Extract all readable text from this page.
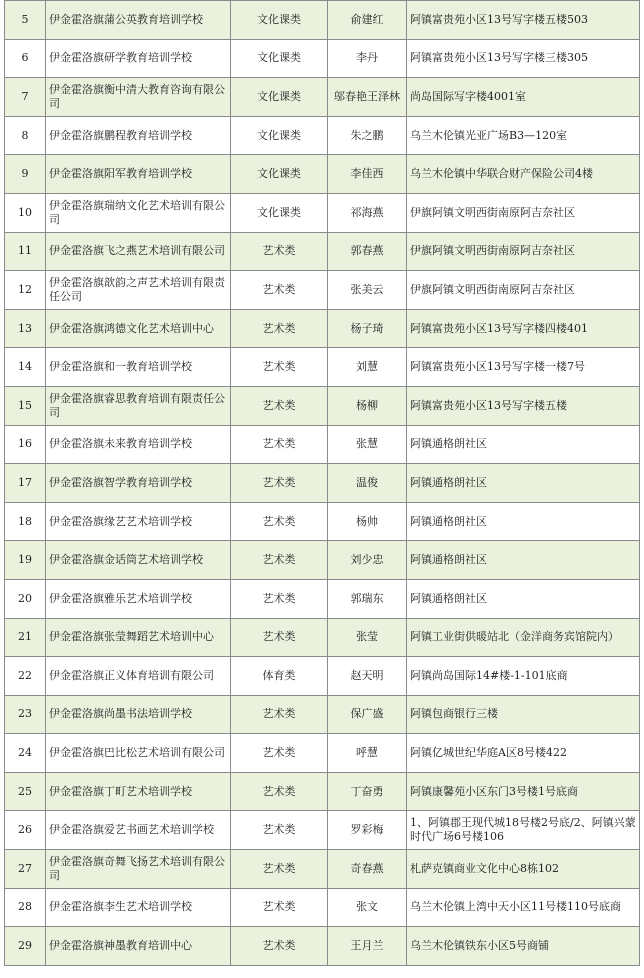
5	伊金霍洛旗蒲公英教育培训学校	文化课类	俞建红	阿镇富贵苑小区13号写字楼五楼503
6	伊金霍洛旗研学教育培训学校	文化课类	李丹	阿镇富贵苑小区13号写字楼三楼305
7	伊金霍洛旗衡中清大教育咨询有限公司	文化课类	邬春艳王泽林	尚岛国际写字楼4001室
8	伊金霍洛旗鹏程教育培训学校	文化课类	朱之鹏	乌兰木伦镇光亚广场B3—120室
9	伊金霍洛旗阳军教育培训学校	文化课类	李佳西	乌兰木伦镇中华联合财产保险公司4楼
10	伊金霍洛旗瑞纳文化艺术培训有限公司	文化课类	祁海燕	伊旗阿镇文明西街南原阿吉奈社区
11	伊金霍洛旗飞之燕艺术培训有限公司	艺术类	郭春燕	伊旗阿镇文明西街南原阿吉奈社区
12	伊金霍洛旗歆韵之声艺术培训有限责任公司	艺术类	张美云	伊旗阿镇文明西街南原阿吉奈社区
13	伊金霍洛旗鸿德文化艺术培训中心	艺术类	杨子琦	阿镇富贵苑小区13号写字楼四楼401
14	伊金霍洛旗和一教育培训学校	艺术类	刘慧	阿镇富贵苑小区13号写字楼一楼7号
15	伊金霍洛旗睿思教育培训有限责任公司	艺术类	杨柳	阿镇富贵苑小区13号写字楼五楼
16	伊金霍洛旗未来教育培训学校	艺术类	张慧	阿镇通格朗社区
17	伊金霍洛旗智学教育培训学校	艺术类	温俊	阿镇通格朗社区
18	伊金霍洛旗缘艺艺术培训学校	艺术类	杨帅	阿镇通格朗社区
19	伊金霍洛旗金话筒艺术培训学校	艺术类	刘少忠	阿镇通格朗社区
20	伊金霍洛旗雅乐艺术培训学校	艺术类	郭瑞东	阿镇通格朗社区
21	伊金霍洛旗张莹舞蹈艺术培训中心	艺术类	张莹	阿镇工业街供暖站北（金洋商务宾馆院内）
22	伊金霍洛旗正义体育培训有限公司	体育类	赵天明	阿镇尚岛国际14#楼-1-101底商
23	伊金霍洛旗尚墨书法培训学校	艺术类	保广盛	阿镇包商银行三楼
24	伊金霍洛旗巴比松艺术培训有限公司	艺术类	呼慧	阿镇亿城世纪华庭A区8号楼422
25	伊金霍洛旗丁町艺术培训学校	艺术类	丁奋勇	阿镇康馨苑小区东门3号楼1号底商
26	伊金霍洛旗爱艺书画艺术培训学校	艺术类	罗彩梅	1、阿镇郡王现代城18号楼2号底/2、阿镇兴蒙时代广场6号楼106
27	伊金霍洛旗奇舞飞扬艺术培训有限公司	艺术类	奇春燕	札萨克镇商业文化中心8栋102
28	伊金霍洛旗李生艺术培训学校	艺术类	张文	乌兰木伦镇上湾中天小区11号楼110号底商
29	伊金霍洛旗神墨教育培训中心	艺术类	王月兰	乌兰木伦镇铁东小区5号商铺
